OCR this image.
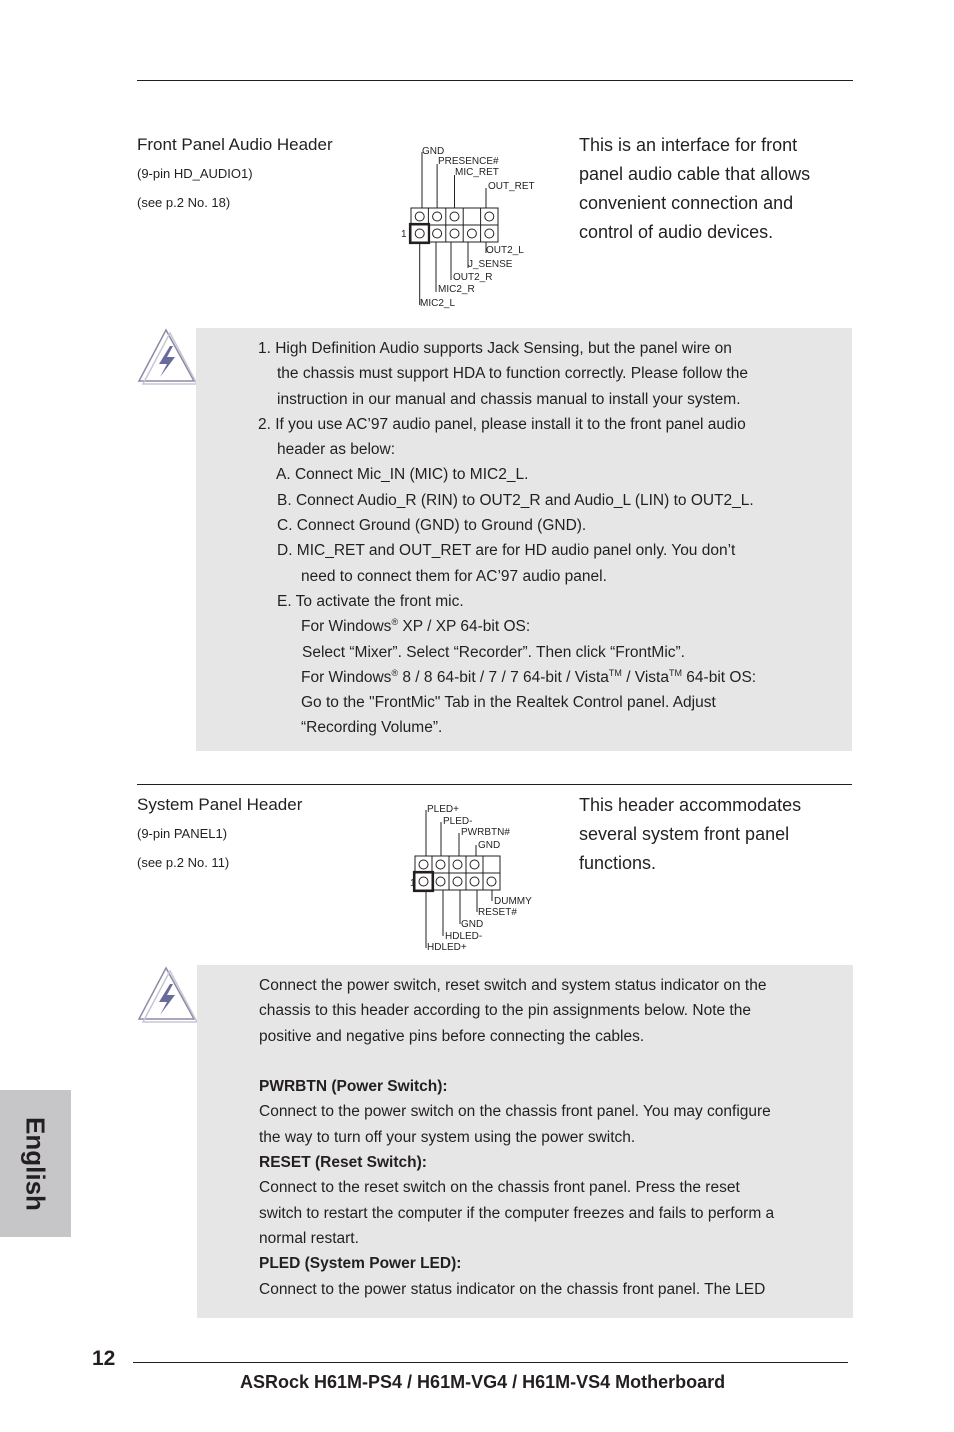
Front Panel Audio Header
(9-pin HD_AUDIO1)
(see p.2 No. 18)
GND
PRESENCE#
MIC_RET
OUT_RET
OUT2_L
J_SENSE
OUT2_R
MIC2_R
MIC2_L
1
This is an interface for front
panel audio cable that allows
convenient connection and
control of audio devices.
1. High Definition Audio supports Jack Sensing, but the panel wire on
the chassis must support HDA to function correctly. Please follow the
instruction in our manual and chassis manual to install your system.
2. If you use AC’97 audio panel, please install it to the front panel audio
header as below:
A. Connect Mic_IN (MIC) to MIC2_L.
B. Connect Audio_R (RIN) to OUT2_R and Audio_L (LIN) to OUT2_L.
C. Connect Ground (GND) to Ground (GND).
D. MIC_RET and OUT_RET are for HD audio panel only. You don’t
need to connect them for AC’97 audio panel.
E. To activate the front mic.
For Windows® XP / XP 64-bit OS:
Select “Mixer”. Select “Recorder”. Then click “FrontMic”.
For Windows® 8 / 8 64-bit / 7 / 7 64-bit / Vista™ / Vista™ 64-bit OS:
Go to the "FrontMic" Tab in the Realtek Control panel. Adjust
“Recording Volume”.
System Panel Header
(9-pin PANEL1)
(see p.2 No. 11)
PLED+
PLED-
PWRBTN#
GND
DUMMY
RESET#
GND
HDLED-
HDLED+
1
This header accommodates
several system front panel
functions.
Connect the power switch, reset switch and system status indicator on the
chassis to this header according to the pin assignments below. Note the
positive and negative pins before connecting the cables.
PWRBTN (Power Switch):
Connect to the power switch on the chassis front panel. You may configure
the way to turn off your system using the power switch.
RESET (Reset Switch):
Connect to the reset switch on the chassis front panel. Press the reset
switch to restart the computer if the computer freezes and fails to perform a
normal restart.
PLED (System Power LED):
Connect to the power status indicator on the chassis front panel. The LED
English
12
ASRock H61M-PS4 / H61M-VG4 / H61M-VS4 Motherboard
